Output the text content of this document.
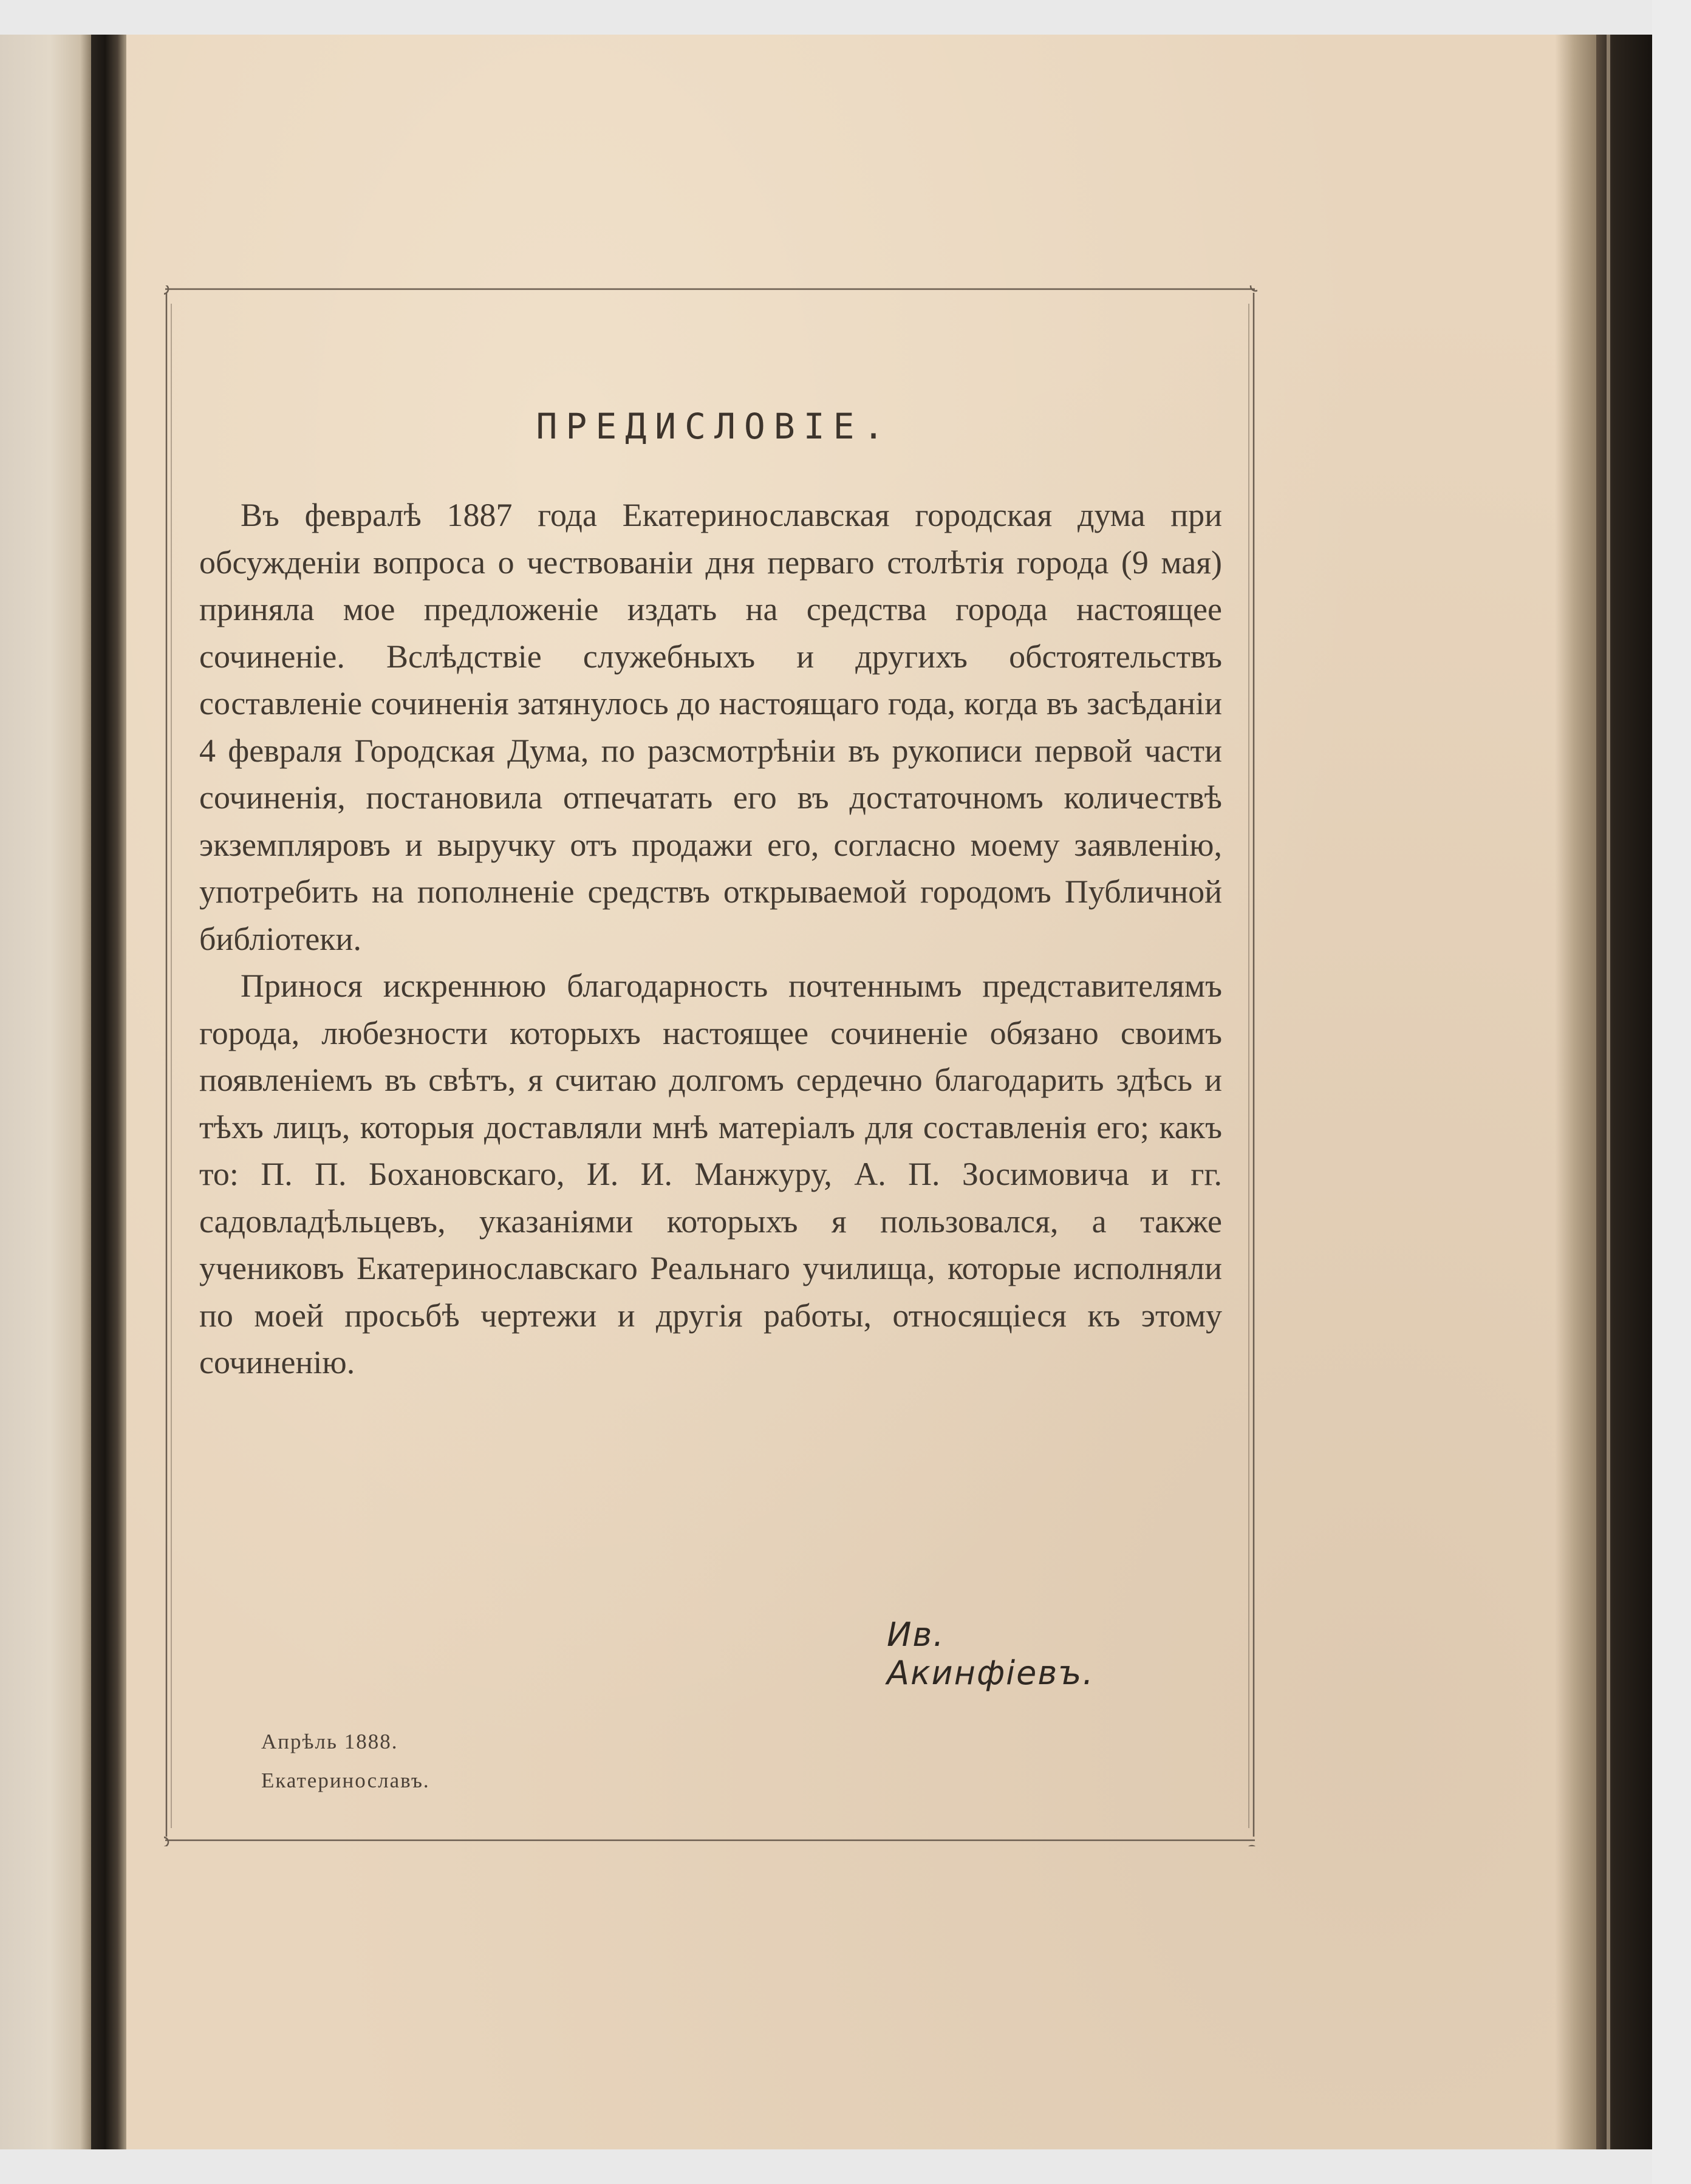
ПРЕДИСЛОВІЕ.

Въ февралѣ 1887 года Екатеринославская городская дума при обсужденіи вопроса о чествованіи дня перваго столѣтія города (9 мая) приняла мое предложеніе издать на средства города настоящее сочиненіе. Вслѣдствіе служебныхъ и другихъ обстоятельствъ составленіе сочиненія затянулось до настоящаго года, когда въ засѣданіи 4 февраля Городская Дума, по разсмотрѣніи въ рукописи первой части сочиненія, постановила отпечатать его въ достаточномъ количествѣ экземпляровъ и выручку отъ продажи его, согласно моему заявленію, употребить на пополненіе средствъ открываемой городомъ Публичной библіотеки.

Принося искреннюю благодарность почтеннымъ представителямъ города, любезности которыхъ настоящее сочиненіе обязано своимъ появленіемъ въ свѣтъ, я считаю долгомъ сердечно благодарить здѣсь и тѣхъ лицъ, которыя доставляли мнѣ матеріалъ для составленія его; какъ то: П. П. Бохановскаго, И. И. Манжуру, А. П. Зосимовича и гг. садовладѣльцевъ, указаніями которыхъ я пользовался, а также учениковъ Екатеринославскаго Реальнаго училища, которые исполняли по моей просьбѣ чертежи и другія работы, относящіеся къ этому сочиненію.

Ив. Акинфіевъ.
Апрѣль 1888.
Екатеринославъ.
